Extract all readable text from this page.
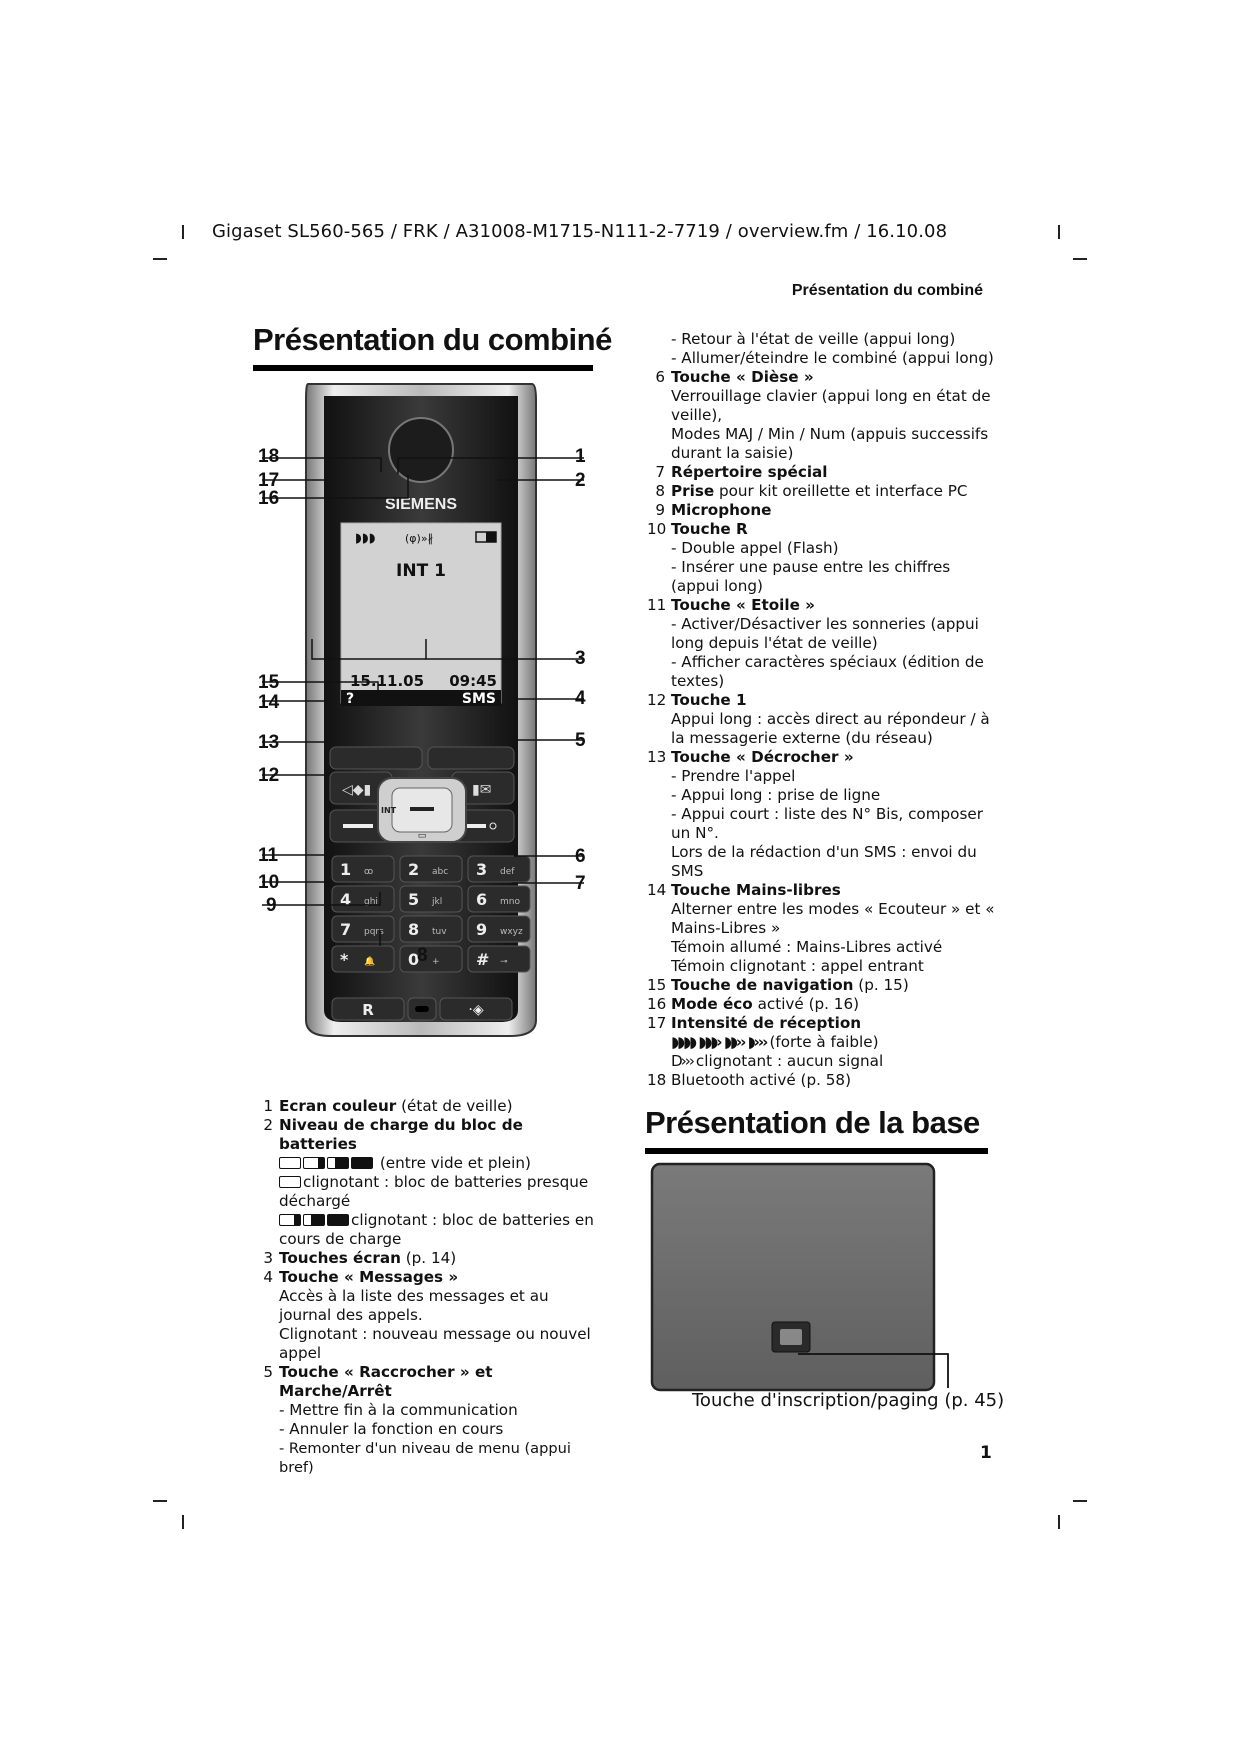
Gigaset SL560-565 / FRK / A31008-M1715-N111-2-7719 / overview.fm / 16.10.08
Présentation du combiné
Présentation du combiné
SIEMENS
◗◗◗	(φ)»∦
INT 1
15.11.05 09:45
?	SMS
◁◆▮	▮✉
INT
▭
1 ꝏ 2 abc 3 def
4 ghi 5 jkl 6 mno
7 pqrs 8 tuv 9 wxyz
* 🔔 0 + # ⊸
R	·◈
18
17
16
15
14
13
12
11
10
9
8
1
2
3
4
5
6
7
1 Ecran couleur (état de veille)
2 Niveau de charge du bloc de batteries
(entre vide et plein)
clignotant : bloc de batteries presque déchargé
clignotant : bloc de batteries en cours de charge
3 Touches écran (p. 14)
4 Touche « Messages »
Accès à la liste des messages et au journal des appels.
Clignotant : nouveau message ou nouvel appel
5 Touche « Raccrocher » et Marche/Arrêt
- Mettre fin à la communication
- Annuler la fonction en cours
- Remonter d'un niveau de menu (appui bref)
- Retour à l'état de veille (appui long)
- Allumer/éteindre le combiné (appui long)
6 Touche « Dièse »
Verrouillage clavier (appui long en état de veille),
Modes MAJ / Min / Num (appuis successifs durant la saisie)
7 Répertoire spécial
8 Prise pour kit oreillette et interface PC
9 Microphone
10 Touche R
- Double appel (Flash)
- Insérer une pause entre les chiffres (appui long)
11 Touche « Etoile »
- Activer/Désactiver les sonneries (appui long depuis l'état de veille)
- Afficher caractères spéciaux (édition de textes)
12 Touche 1
Appui long : accès direct au répondeur / à la messagerie externe (du réseau)
13 Touche « Décrocher »
- Prendre l'appel
- Appui long : prise de ligne
- Appui court : liste des N° Bis, composer un N°.
Lors de la rédaction d'un SMS : envoi du SMS
14 Touche Mains-libres
Alterner entre les modes « Ecouteur » et « Mains-Libres »
Témoin allumé : Mains-Libres activé
Témoin clignotant : appel entrant
15 Touche de navigation (p. 15)
16 Mode éco activé (p. 16)
17 Intensité de réception
◗◗◗◗ ◗◗◗› ◗◗›› ◗››› (forte à faible)
D››› clignotant : aucun signal
18 Bluetooth activé (p. 58)
Présentation de la base
Touche d'inscription/paging (p. 45)
1
